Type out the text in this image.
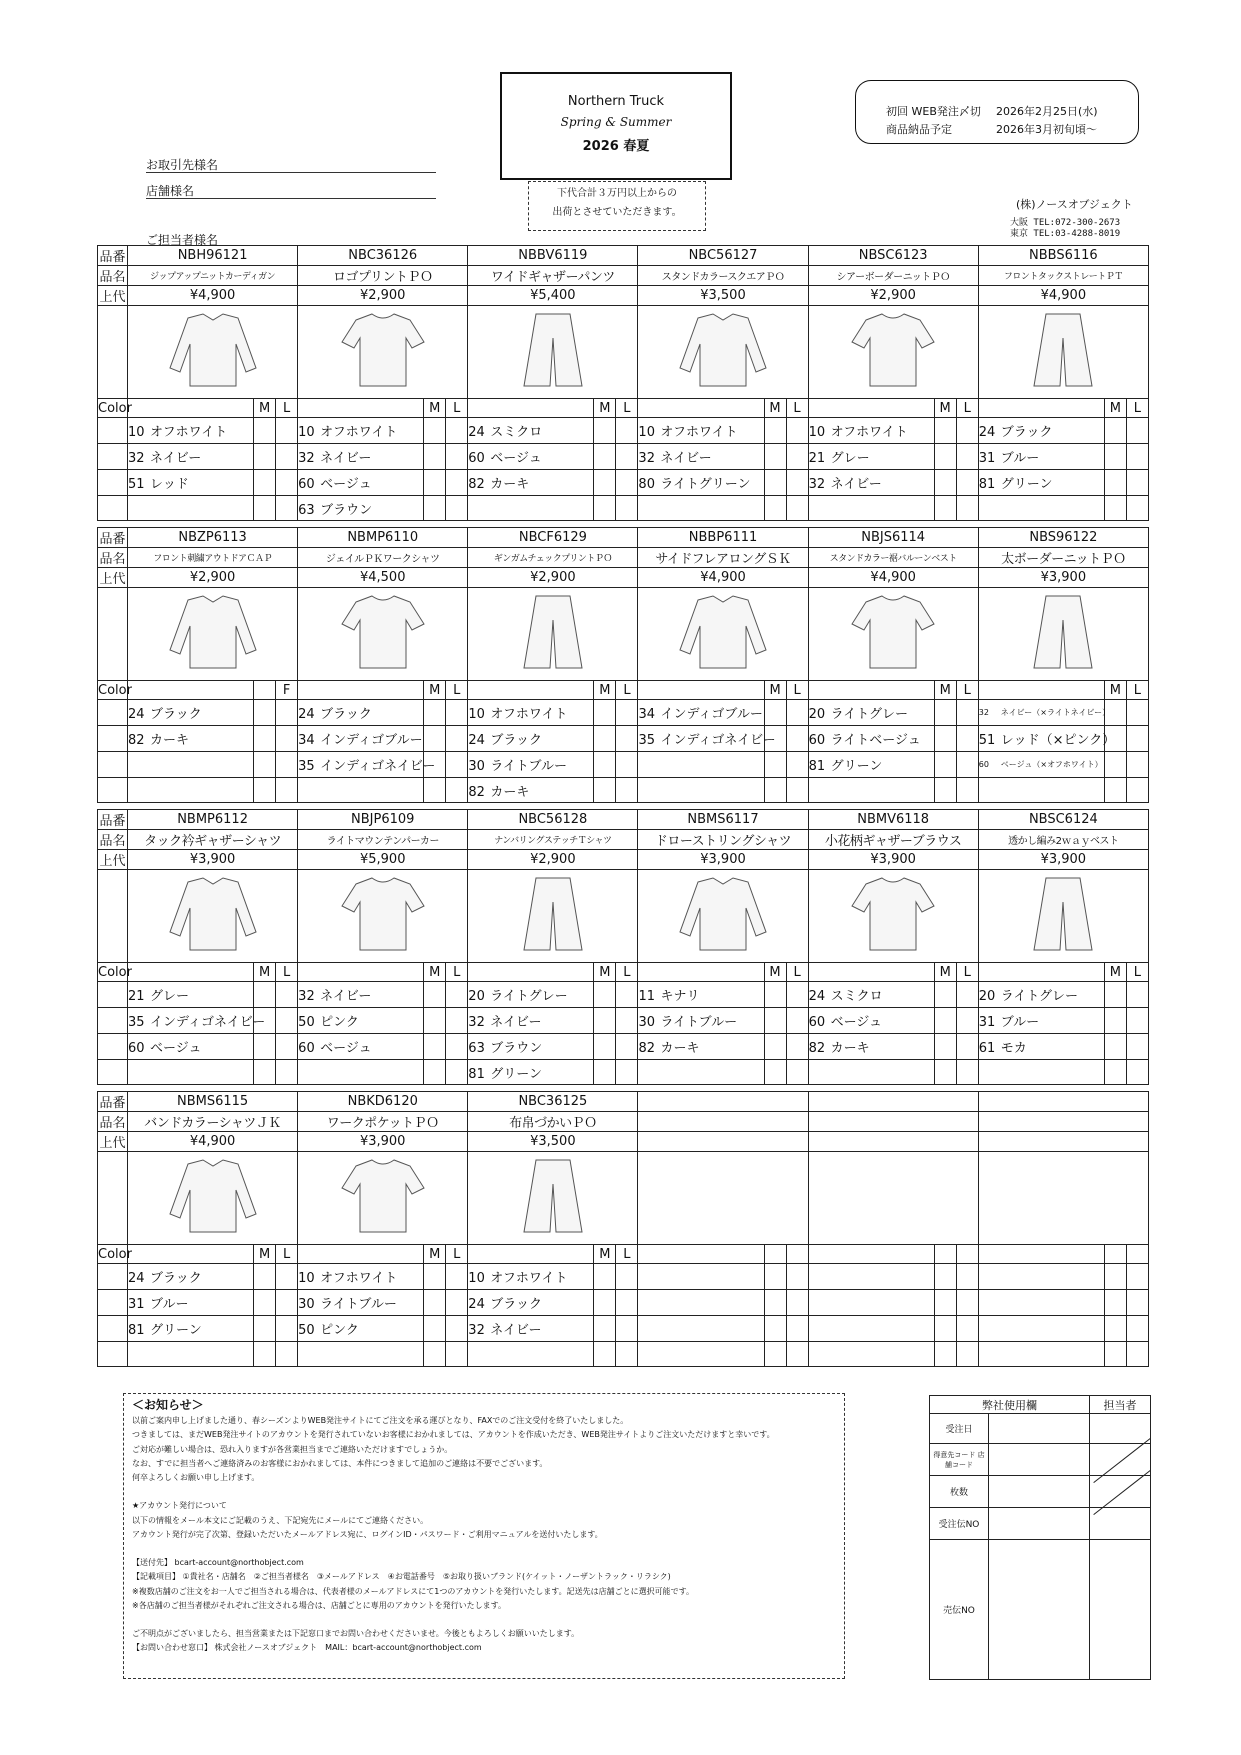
Northern Truck
Spring & Summer
2026 春夏
下代合計３万円以上からの
出荷とさせていただきます。
初回 WEB発注〆切	2026年2月25日(水)
商品納品予定	2026年3月初旬頃～
お取引先様名
店舗様名
ご担当者様名
(株)ノースオブジェクト
大阪 TEL:072-300-2673
東京 TEL:03-4288-8019
品番	NBH96121			NBC36126			NBBV6119			NBC56127			NBSC6123			NBBS6116		
品名	ジップアップニットカーディガン			ロゴプリントＰＯ			ワイドギャザーパンツ			スタンドカラースクエアＰＯ			シアーボーダーニットＰＯ			フロントタックストレートＰＴ		
上代	¥4,900			¥2,900			¥5,400			¥3,500			¥2,900			¥4,900		

Color		M	L		M	L		M	L		M	L		M	L		M	L
	10 オフホワイト			10 オフホワイト			24 スミクロ			10 オフホワイト			10 オフホワイト			24 ブラック		
	32 ネイビー			32 ネイビー			60 ベージュ			32 ネイビー			21 グレー			31 ブルー		
	51 レッド			60 ベージュ			82 カーキ			80 ライトグリーン			32 ネイビー			81 グリーン		
				63 ブラウン														
品番	NBZP6113			NBMP6110			NBCF6129			NBBP6111			NBJS6114			NBS96122		
品名	フロント刺繍アウトドアＣＡＰ			ジェイルＰＫワークシャツ			ギンガムチェックプリントＰＯ			サイドフレアロングＳＫ			スタンドカラー裾バルーンベスト			太ボーダーニットＰＯ		
上代	¥2,900			¥4,500			¥2,900			¥4,900			¥4,900			¥3,900		

Color			F		M	L		M	L		M	L		M	L		M	L
	24 ブラック			24 ブラック			10 オフホワイト			34 インディゴブルー			20 ライトグレー			32 ネイビー（×ライトネイビー）		
	82 カーキ			34 インディゴブルー			24 ブラック			35 インディゴネイビー			60 ライトベージュ			51 レッド（×ピンク）		
				35 インディゴネイビー			30 ライトブルー						81 グリーン			60 ベージュ（×オフホワイト）		
							82 カーキ											
品番	NBMP6112			NBJP6109			NBC56128			NBMS6117			NBMV6118			NBSC6124		
品名	タック衿ギャザーシャツ			ライトマウンテンパーカー			ナンバリングステッチＴシャツ			ドローストリングシャツ			小花柄ギャザーブラウス			透かし編み2ｗａｙベスト		
上代	¥3,900			¥5,900			¥2,900			¥3,900			¥3,900			¥3,900		

Color		M	L		M	L		M	L		M	L		M	L		M	L
	21 グレー			32 ネイビー			20 ライトグレー			11 キナリ			24 スミクロ			20 ライトグレー		
	35 インディゴネイビー			50 ピンク			32 ネイビー			30 ライトブルー			60 ベージュ			31 ブルー		
	60 ベージュ			60 ベージュ			63 ブラウン			82 カーキ			82 カーキ			61 モカ		
							81 グリーン											
品番	NBMS6115			NBKD6120			NBC36125											
品名	バンドカラーシャツＪＫ			ワークポケットＰＯ			布帛づかいＰＯ											
上代	¥4,900			¥3,900			¥3,500											

Color		M	L		M	L		M	L									
	24 ブラック			10 オフホワイト			10 オフホワイト											
	31 ブルー			30 ライトブルー			24 ブラック											
	81 グリーン			50 ピンク			32 ネイビー											

＜お知らせ＞

以前ご案内申し上げました通り、春シーズンよりWEB発注サイトにてご注文を承る運びとなり、FAXでのご注文受付を終了いたしました。

つきましては、まだWEB発注サイトのアカウントを発行されていないお客様におかれましては、アカウントを作成いただき、WEB発注サイトよりご注文いただけますと幸いです。

ご対応が難しい場合は、恐れ入りますが各営業担当までご連絡いただけますでしょうか。

なお、すでに担当者へご連絡済みのお客様におかれましては、本件につきまして追加のご連絡は不要でございます。

何卒よろしくお願い申し上げます。

★アカウント発行について

以下の情報をメール本文にご記載のうえ、下記宛先にメールにてご連絡ください。

アカウント発行が完了次第、登録いただいたメールアドレス宛に、ログインID・パスワード・ご利用マニュアルを送付いたします。

【送付先】 bcart-account@northobject.com

【記載項目】 ①貴社名・店舗名　②ご担当者様名　③メールアドレス　④お電話番号　⑤お取り扱いブランド(ケイット・ノーザントラック・リラシク)

※複数店舗のご注文をお一人でご担当される場合は、代表者様のメールアドレスにて1つのアカウントを発行いたします。記送先は店舗ごとに選択可能です。

※各店舗のご担当者様がそれぞれご注文される場合は、店舗ごとに専用のアカウントを発行いたします。

ご不明点がございましたら、担当営業または下記窓口までお問い合わせくださいませ。今後ともよろしくお願いいたします。

【お問い合わせ窓口】 株式会社ノースオブジェクト　MAIL：bcart-account@northobject.com

弊社使用欄		担当者
受注日		
得意先コード 店舗コード		
枚数		
受注伝NO		
売伝NO		
